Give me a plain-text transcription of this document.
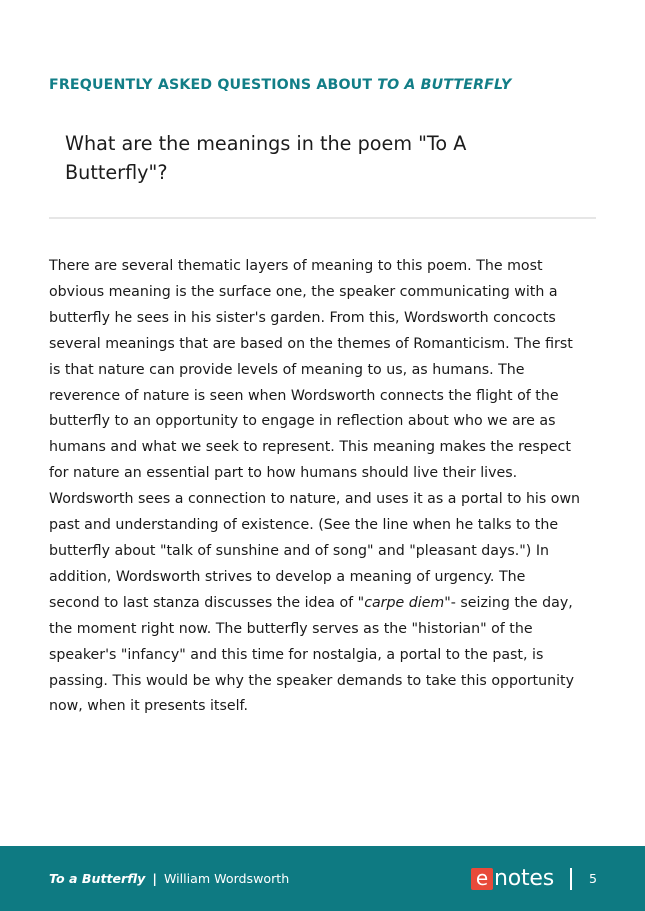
FREQUENTLY ASKED QUESTIONS ABOUT TO A BUTTERFLY
What are the meanings in the poem "To A
Butterfly"?
There are several thematic layers of meaning to this poem. The most
obvious meaning is the surface one, the speaker communicating with a
butterfly he sees in his sister's garden. From this, Wordsworth concocts
several meanings that are based on the themes of Romanticism. The first
is that nature can provide levels of meaning to us, as humans. The
reverence of nature is seen when Wordsworth connects the flight of the
butterfly to an opportunity to engage in reflection about who we are as
humans and what we seek to represent. This meaning makes the respect
for nature an essential part to how humans should live their lives.
Wordsworth sees a connection to nature, and uses it as a portal to his own
past and understanding of existence. (See the line when he talks to the
butterfly about "talk of sunshine and of song" and "pleasant days.") In
addition, Wordsworth strives to develop a meaning of urgency. The
second to last stanza discusses the idea of "carpe diem"- seizing the day,
the moment right now. The butterfly serves as the "historian" of the
speaker's "infancy" and this time for nostalgia, a portal to the past, is
passing. This would be why the speaker demands to take this opportunity
now, when it presents itself.
To a Butterfly | William Wordsworth	e notes	5
